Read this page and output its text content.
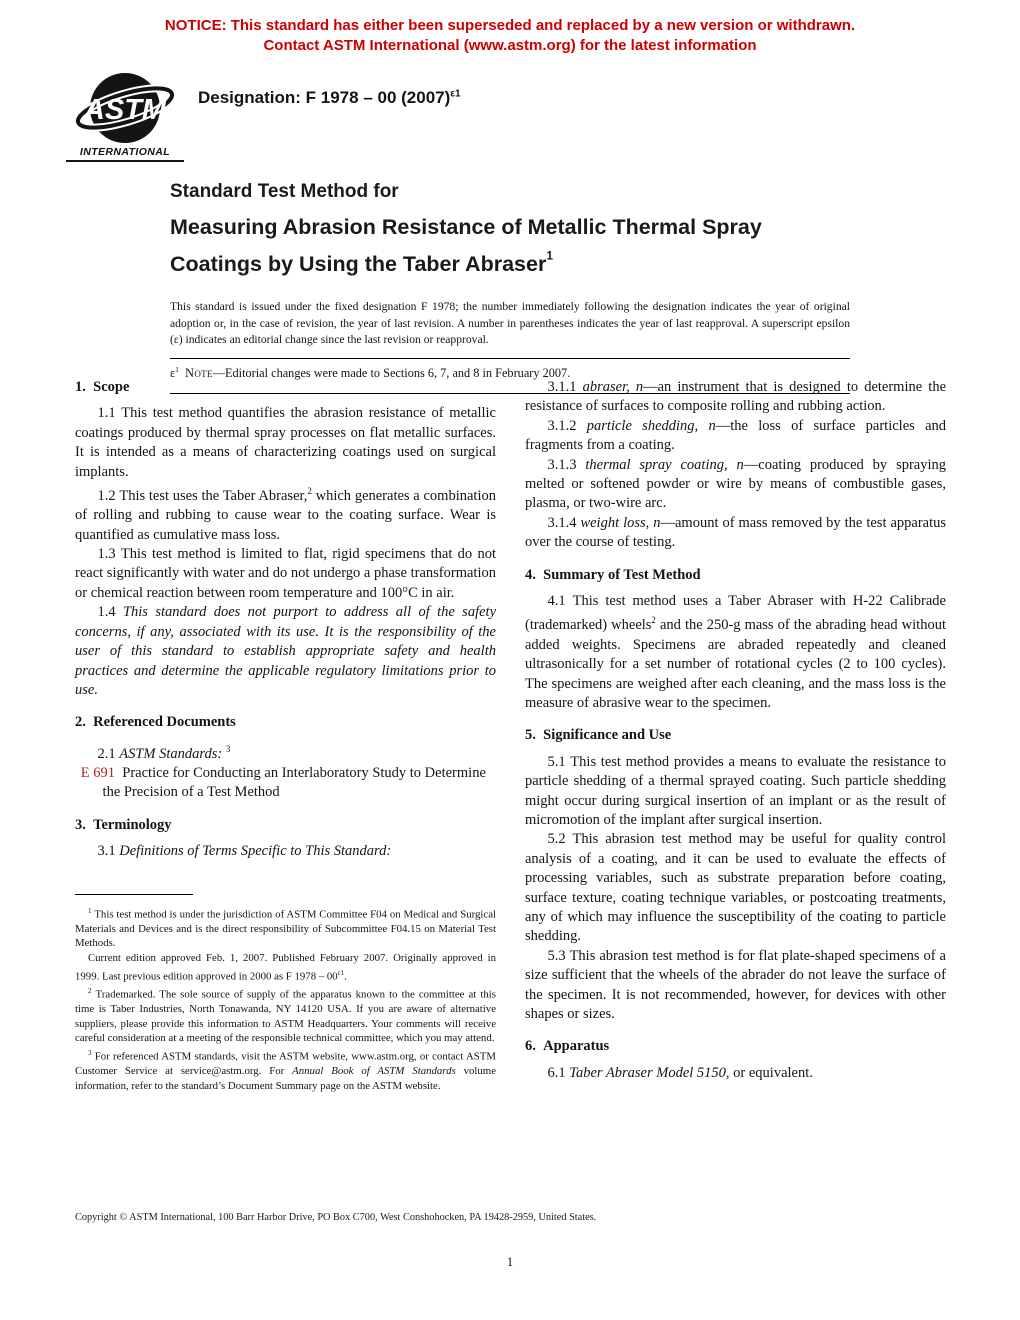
NOTICE: This standard has either been superseded and replaced by a new version or withdrawn.
Contact ASTM International (www.astm.org) for the latest information
ASTM
INTERNATIONAL
Designation: F 1978 – 00 $(2007)^{\varepsilon 1}$
Standard Test Method for
Measuring Abrasion Resistance of Metallic Thermal Spray
Coatings by Using the Taber Abraser$^1$

This standard is issued under the fixed designation F 1978; the number immediately following the designation indicates the year of original adoption or, in the case of revision, the year of last revision. A number in parentheses indicates the year of last reapproval. A superscript epsilon (ε) indicates an editorial change since the last revision or reapproval.

$\varepsilon^1$ Note—Editorial changes were made to Sections 6, 7, and 8 in February 2007.
1.  Scope

1.1 This test method quantifies the abrasion resistance of metallic coatings produced by thermal spray processes on flat metallic surfaces. It is intended as a means of characterizing coatings used on surgical implants.

1.2 This test uses the Taber Abraser,$^2$ which generates a combination of rolling and rubbing to cause wear to the coating surface. Wear is quantified as cumulative mass loss.

1.3 This test method is limited to flat, rigid specimens that do not react significantly with water and do not undergo a phase transformation or chemical reaction between room temperature and 100°C in air.

1.4 This standard does not purport to address all of the safety concerns, if any, associated with its use. It is the responsibility of the user of this standard to establish appropriate safety and health practices and determine the applicable regulatory limitations prior to use.

2.  Referenced Documents

2.1 ASTM Standards: $^3$

E 691  Practice for Conducting an Interlaboratory Study to Determine the Precision of a Test Method

3.  Terminology

3.1 Definitions of Terms Specific to This Standard:

$^1$ This test method is under the jurisdiction of ASTM Committee F04 on Medical and Surgical Materials and Devices and is the direct responsibility of Subcommittee F04.15 on Material Test Methods.

Current edition approved Feb. 1, 2007. Published February 2007. Originally approved in 1999. Last previous edition approved in 2000 as F $1978 - 00^{\varepsilon 1}$.

$^2$ Trademarked. The sole source of supply of the apparatus known to the committee at this time is Taber Industries, North Tonawanda, NY 14120 USA. If you are aware of alternative suppliers, please provide this information to ASTM Headquarters. Your comments will receive careful consideration at a meeting of the responsible technical committee, which you may attend.

$^3$ For referenced ASTM standards, visit the ASTM website, www.astm.org, or contact ASTM Customer Service at service@astm.org. For Annual Book of ASTM Standards volume information, refer to the standard’s Document Summary page on the ASTM website.

3.1.1 abraser, n—an instrument that is designed to determine the resistance of surfaces to composite rolling and rubbing action.

3.1.2 particle shedding, n—the loss of surface particles and fragments from a coating.

3.1.3 thermal spray coating, n—coating produced by spraying melted or softened powder or wire by means of combustible gases, plasma, or two-wire arc.

3.1.4 weight loss, n—amount of mass removed by the test apparatus over the course of testing.

4.  Summary of Test Method

4.1 This test method uses a Taber Abraser with H-22 Calibrade (trademarked) wheels$^2$ and the 250-g mass of the abrading head without added weights. Specimens are abraded repeatedly and cleaned ultrasonically for a set number of rotational cycles (2 to 100 cycles). The specimens are weighed after each cleaning, and the mass loss is the measure of abrasive wear to the specimen.

5.  Significance and Use

5.1 This test method provides a means to evaluate the resistance to particle shedding of a thermal sprayed coating. Such particle shedding might occur during surgical insertion of an implant or as the result of micromotion of the implant after surgical insertion.

5.2 This abrasion test method may be useful for quality control analysis of a coating, and it can be used to evaluate the effects of processing variables, such as substrate preparation before coating, surface texture, coating technique variables, or postcoating treatments, any of which may influence the susceptibility of the coating to particle shedding.

5.3 This abrasion test method is for flat plate-shaped specimens of a size sufficient that the wheels of the abrader do not leave the surface of the specimen. It is not recommended, however, for devices with other shapes or sizes.

6.  Apparatus

6.1 Taber Abraser Model 5150, or equivalent.

Copyright © ASTM International, 100 Barr Harbor Drive, PO Box C700, West Conshohocken, PA 19428-2959, United States.
1
